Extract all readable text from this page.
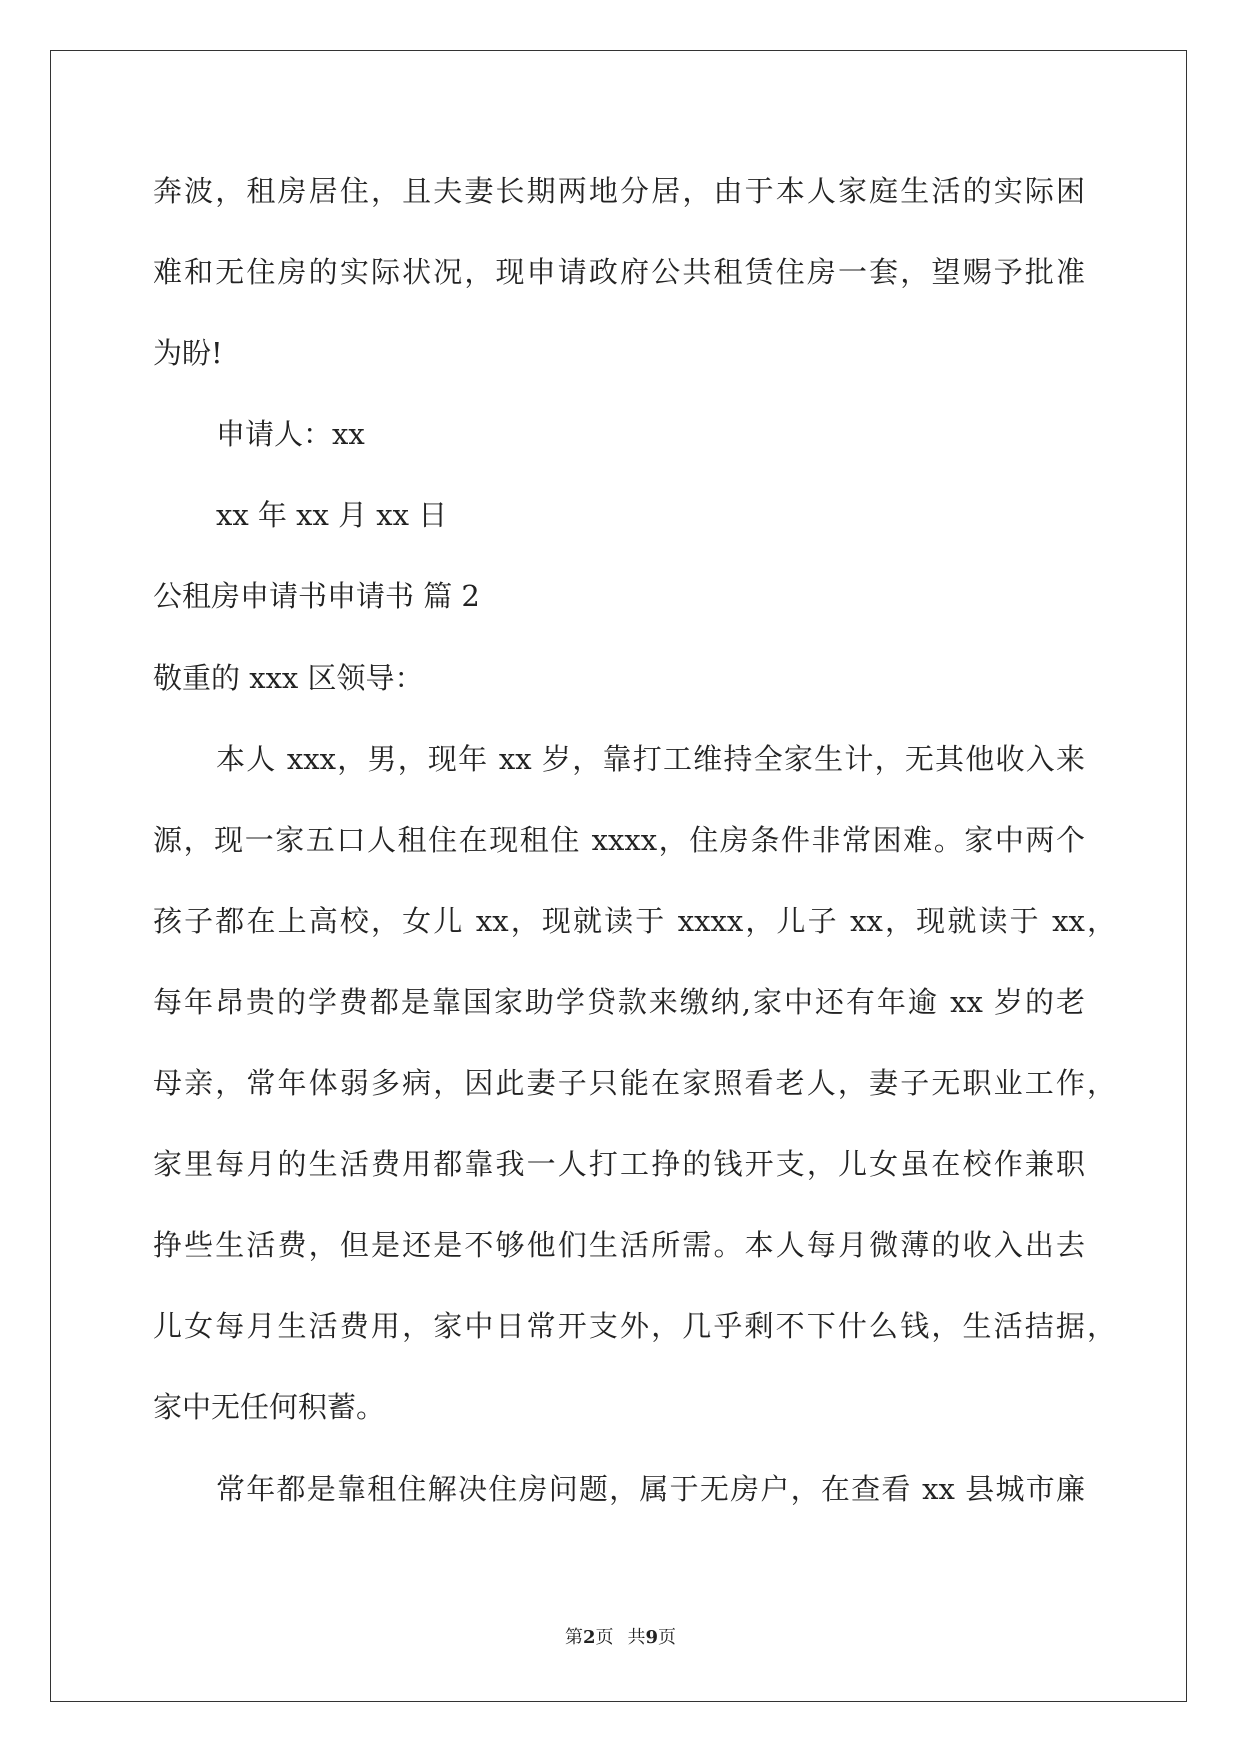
奔波，租房居住，且夫妻长期两地分居，由于本人家庭生活的实际困
难和无住房的实际状况，现申请政府公共租赁住房一套，望赐予批准
为盼!
申请人：xx
xx 年 xx 月 xx 日
公租房申请书申请书 篇 2
敬重的 xxx 区领导：
本人 xxx，男，现年 xx 岁，靠打工维持全家生计，无其他收入来
源，现一家五口人租住在现租住 xxxx，住房条件非常困难。家中两个
孩子都在上高校，女儿 xx，现就读于 xxxx，儿子 xx，现就读于 xx，
每年昂贵的学费都是靠国家助学贷款来缴纳,家中还有年逾 xx 岁的老
母亲，常年体弱多病，因此妻子只能在家照看老人，妻子无职业工作，
家里每月的生活费用都靠我一人打工挣的钱开支，儿女虽在校作兼职
挣些生活费，但是还是不够他们生活所需。本人每月微薄的收入出去
儿女每月生活费用，家中日常开支外，几乎剩不下什么钱，生活拮据，
家中无任何积蓄。
常年都是靠租住解决住房问题，属于无房户，在查看 xx 县城市廉
第2页 共9页
